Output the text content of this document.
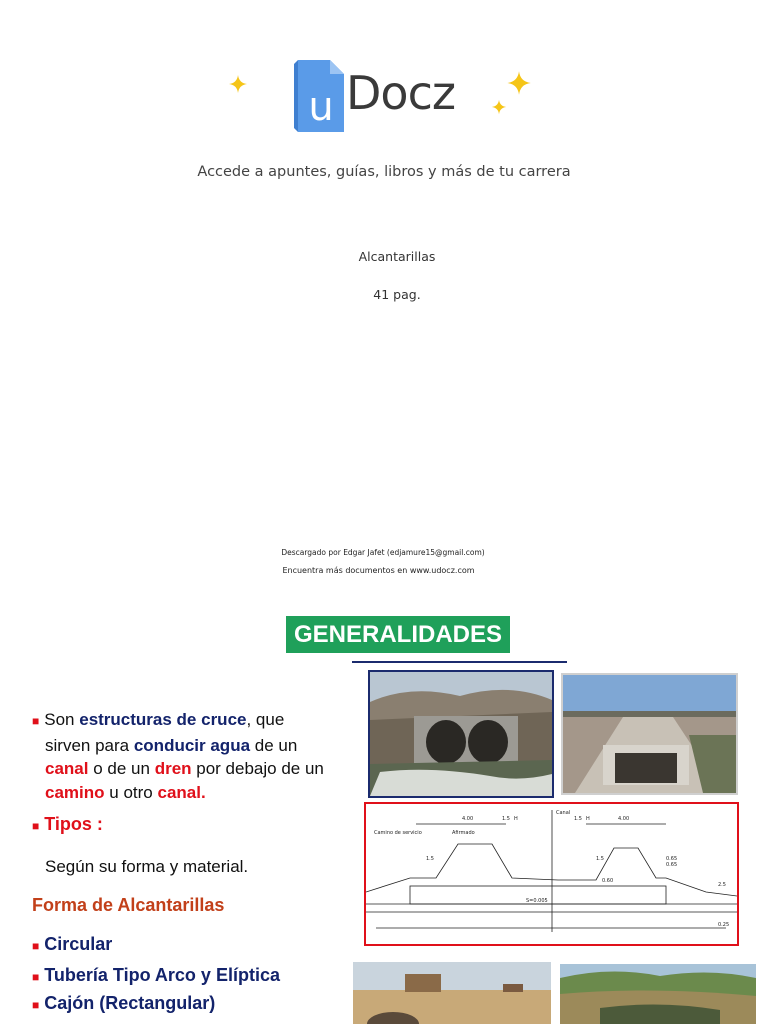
u Docz
Accede a apuntes, guías, libros y más de tu carrera
Alcantarillas
41 pag.
Descargado por Edgar Jafet (edjamure15@gmail.com)
Encuentra más documentos en www.udocz.com
GENERALIDADES
■ Son estructuras de cruce, que
sirven para conducir agua de un
canal o de un dren por debajo de un
camino u otro canal.
■ Tipos :
Según su forma y material.
Forma de Alcantarillas
■ Circular
■ Tubería Tipo Arco y Elíptica
■ Cajón (Rectangular)
Canal
Camino de servicio	Afirmado
4.00	1.5 H	1.5 H	4.00
1.5
0.65
1.5	0.65
0.60
S=0.005
0.25
2.5
